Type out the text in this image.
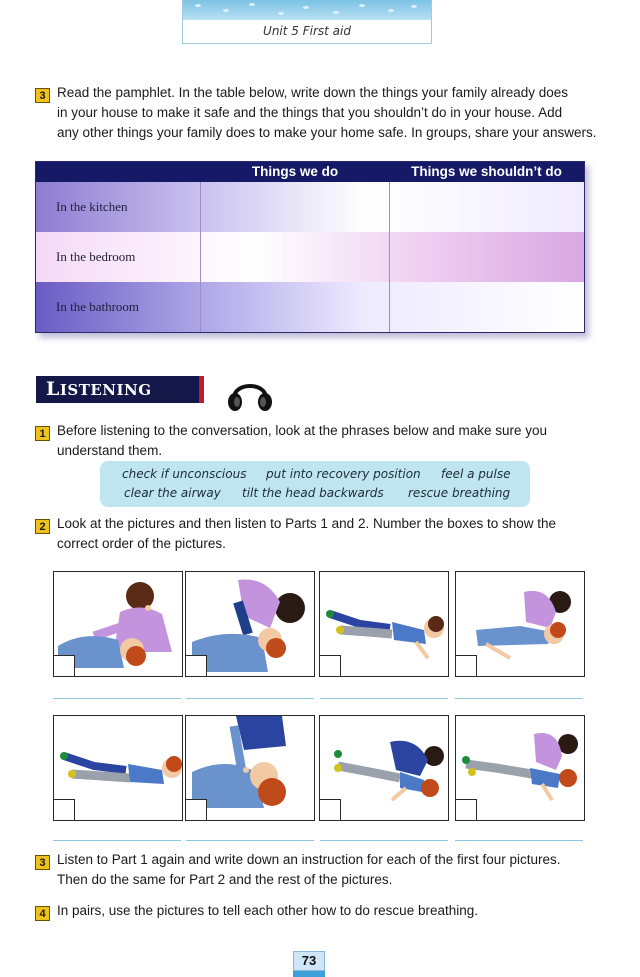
Unit 5 First aid
3 Read the pamphlet. In the table below, write down the things your family already does
in your house to make it safe and the things that you shouldn’t do in your house. Add
any other things your family does to make your home safe. In groups, share your answers.
Things we do	Things we shouldn’t do
In the kitchen
In the bedroom
In the bathroom
LISTENING TASK
1 Before listening to the conversation, look at the phrases below and make sure you
understand them.
check if unconscious put into recovery position feel a pulse
clear the airway tilt the head backwards rescue breathing
2 Look at the pictures and then listen to Parts 1 and 2. Number the boxes to show the
correct order of the pictures.
3 Listen to Part 1 again and write down an instruction for each of the first four pictures.
Then do the same for Part 2 and the rest of the pictures.
4 In pairs, use the pictures to tell each other how to do rescue breathing.
73
